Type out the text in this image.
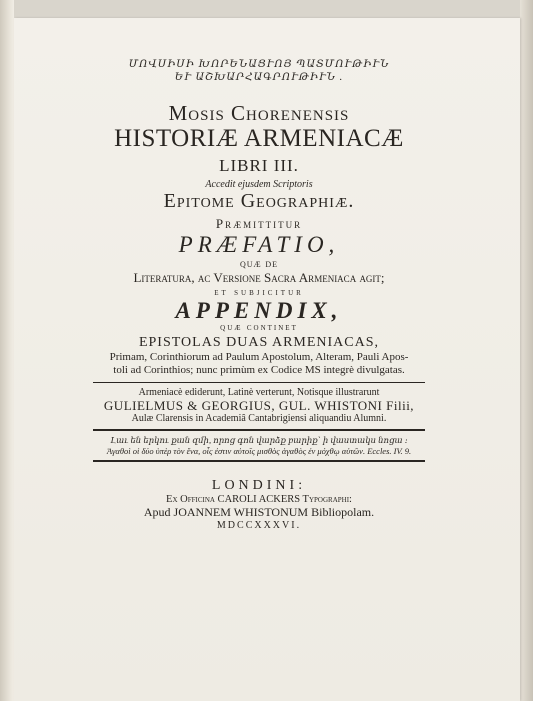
ՄՈՎՍԻՍԻ ԽՈՐԵՆԱՑՒՈՅ ՊԱՏՄՈՒԹԻՒՆ
ԵՒ ԱՇԽԱՐՀԱԳՐՈՒԹԻՒՆ .
Mosis Chorenensis
HISTORIÆ ARMENIACÆ
LIBRI III.
Accedit ejusdem Scriptoris
Epitome Geographiæ.
Præmittitur
PRÆFATIO,
quæ de
Literatura, ac Versione Sacra Armeniaca agit;
et subjicitur
APPENDIX,
quæ continet
EPISTOLAS DUAS ARMENIACAS,
Primam, Corinthiorum ad Paulum Apostolum, Alteram, Pauli Apos-
toli ad Corinthios; nunc primùm ex Codice MS integrè divulgatas.
Armeniacè ediderunt, Latinè verterunt, Notisque illustrarunt
GULIELMUS & GEORGIUS, GUL. WHISTONI Filii,
Aulæ Clarensis in Academiâ Cantabrigiensi aliquandiu Alumni.
Լաւ են երկու քան զմի, որոց գոն վարձք բարիք՝ ի վաստակս նոցա ։
Ἀγαθοὶ οἱ δύο ὑπὲρ τὸν ἕνα, οἷς ἐστιν αὐτοῖς μισθὸς ἀγαθὸς ἐν μόχθῳ αὐτῶν. Eccles. IV. 9.
LONDINI:
Ex Officina CAROLI ACKERS Typographi:
Apud JOANNEM WHISTONUM Bibliopolam.
MDCCXXXVI.
